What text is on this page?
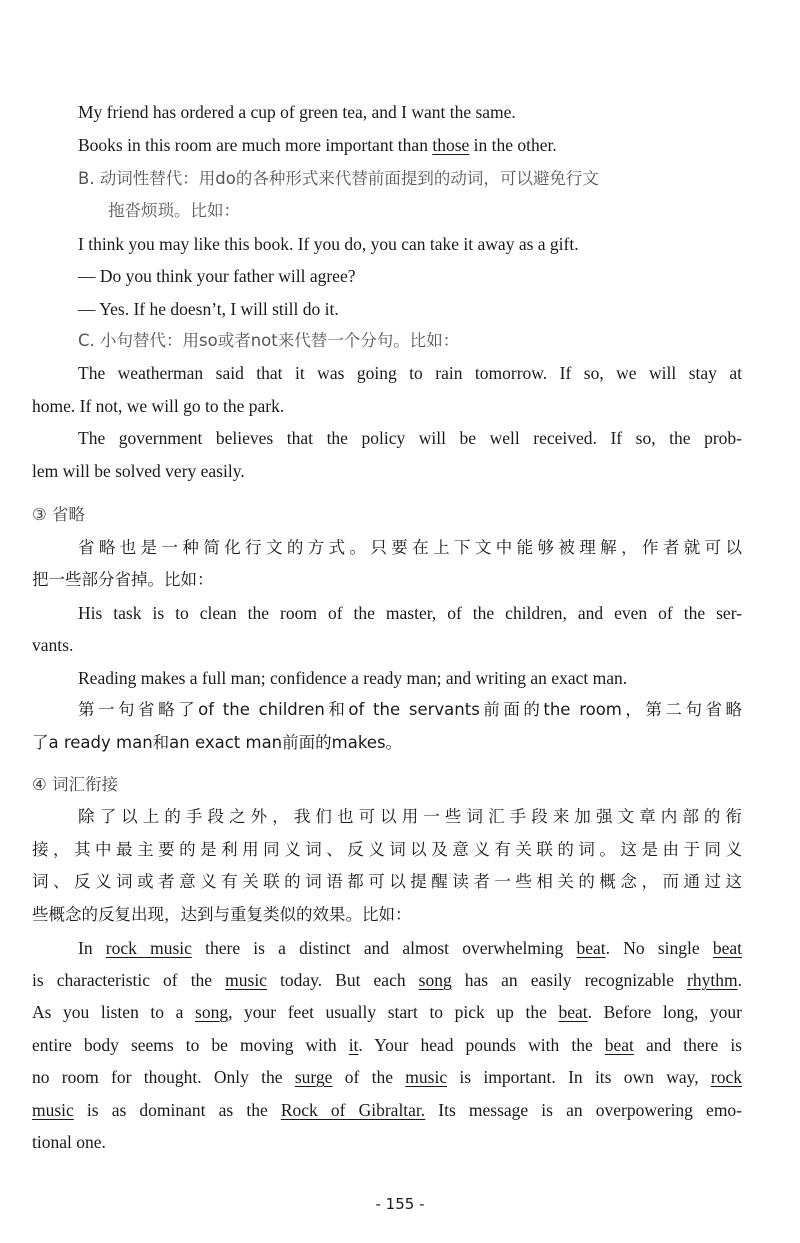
My friend has ordered a cup of green tea, and I want the same.
Books in this room are much more important than those in the other.
B. 动词性替代：用do的各种形式来代替前面提到的动词，可以避免行文
拖沓烦琐。比如：
I think you may like this book. If you do, you can take it away as a gift.
— Do you think your father will agree?
— Yes. If he doesn’t, I will still do it.
C. 小句替代：用so或者not来代替一个分句。比如：
The weatherman said that it was going to rain tomorrow. If so, we will stay at
home. If not, we will go to the park.
The government believes that the policy will be well received. If so, the prob-
lem will be solved very easily.
③ 省略
省略也是一种简化行文的方式。只要在上下文中能够被理解，作者就可以
把一些部分省掉。比如：
His task is to clean the room of the master, of the children, and even of the ser-
vants.
Reading makes a full man; confidence a ready man; and writing an exact man.
第一句省略了of the children和of the servants前面的the room，第二句省略
了a ready man和an exact man前面的makes。
④ 词汇衔接
除了以上的手段之外，我们也可以用一些词汇手段来加强文章内部的衔
接，其中最主要的是利用同义词、反义词以及意义有关联的词。这是由于同义
词、反义词或者意义有关联的词语都可以提醒读者一些相关的概念，而通过这
些概念的反复出现，达到与重复类似的效果。比如：
In rock music there is a distinct and almost overwhelming beat. No single beat
is characteristic of the music today. But each song has an easily recognizable rhythm.
As you listen to a song, your feet usually start to pick up the beat. Before long, your
entire body seems to be moving with it. Your head pounds with the beat and there is
no room for thought. Only the surge of the music is important. In its own way, rock
music is as dominant as the Rock of Gibraltar. Its message is an overpowering emo-
tional one.
- 155 -
